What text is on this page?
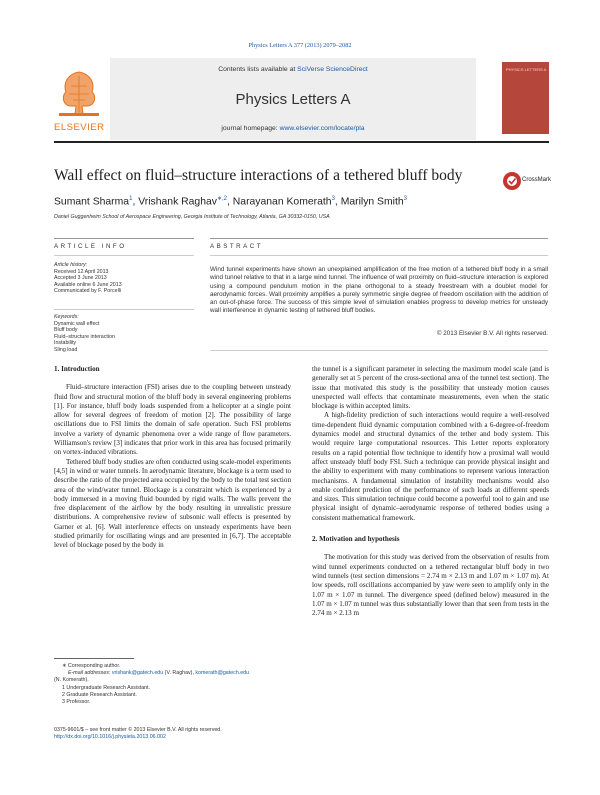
Physics Letters A 377 (2013) 2079–2082
ELSEVIER
Contents lists available at SciVerse ScienceDirect
Physics Letters A
journal homepage: www.elsevier.com/locate/pla
PHYSICS LETTERS A
Wall effect on fluid–structure interactions of a tethered bluff body	CrossMark
Sumant Sharma$^1$, Vrishank Raghav$^{∗,2}$, Narayanan Komerath$^3$, Marilyn Smith$^3$
Daniel Guggenheim School of Aerospace Engineering, Georgia Institute of Technology, Atlanta, GA 30332-0150, USA
ARTICLE INFO
Article history:
Received 12 April 2013
Accepted 3 June 2013
Available online 6 June 2013
Communicated by F. Porcelli
Keywords:
Dynamic wall effect
Bluff body
Fluid–structure interaction
Instability
Sling load
ABSTRACT
Wind tunnel experiments have shown an unexplained amplification of the free motion of a tethered bluff body in a small wind tunnel relative to that in a large wind tunnel. The influence of wall proximity on fluid–structure interaction is explored using a compound pendulum motion in the plane orthogonal to a steady freestream with a doublet model for aerodynamic forces. Wall proximity amplifies a purely symmetric single degree of freedom oscillation with the addition of an out-of-phase force. The success of this simple level of simulation enables progress to develop metrics for unsteady wall interference in dynamic testing of tethered bluff bodies.
© 2013 Elsevier B.V. All rights reserved.
1. Introduction

Fluid–structure interaction (FSI) arises due to the coupling between unsteady fluid flow and structural motion of the bluff body in several engineering problems [1]. For instance, bluff body loads suspended from a helicopter at a single point allow for several degrees of freedom of motion [2]. The possibility of large oscillations due to FSI limits the domain of safe operation. Such FSI problems involve a variety of dynamic phenomena over a wide range of flow parameters. Williamson's review [3] indicates that prior work in this area has focused primarily on vortex-induced vibrations.

Tethered bluff body studies are often conducted using scale-model experiments [4,5] in wind or water tunnels. In aerodynamic literature, blockage is a term used to describe the ratio of the projected area occupied by the body to the total test section area of the wind/water tunnel. Blockage is a constraint which is experienced by a body immersed in a moving fluid bounded by rigid walls. The walls prevent the free displacement of the airflow by the body resulting in unrealistic pressure distributions. A comprehensive review of subsonic wall effects is presented by Garner et al. [6]. Wall interference effects on unsteady experiments have been studied primarily for oscillating wings and are presented in [6,7]. The acceptable level of blockage posed by the body in

the tunnel is a significant parameter in selecting the maximum model scale (and is generally set at 5 percent of the cross-sectional area of the tunnel test section). The issue that motivated this study is the possibility that unsteady motion causes unexpected wall effects that contaminate measurements, even when the static blockage is within accepted limits.

A high-fidelity prediction of such interactions would require a well-resolved time-dependent fluid dynamic computation combined with a 6-degree-of-freedom dynamics model and structural dynamics of the tether and body system. This would require large computational resources. This Letter reports exploratory results on a rapid potential flow technique to identify how a proximal wall would affect unsteady bluff body FSI. Such a technique can provide physical insight and the ability to experiment with many combinations to represent various interaction mechanisms. A fundamental simulation of instability mechanisms would also enable confident prediction of the performance of such loads at different speeds and sizes. This simulation technique could become a powerful tool to gain and use physical insight of dynamic–aerodynamic response of tethered bodies using a consistent mathematical framework.

2. Motivation and hypothesis

The motivation for this study was derived from the observation of results from wind tunnel experiments conducted on a tethered rectangular bluff body in two wind tunnels (test section dimensions = 2.74 m × 2.13 m and 1.07 m × 1.07 m). At low speeds, roll oscillations accompanied by yaw were seen to amplify only in the 1.07 m × 1.07 m tunnel. The divergence speed (defined below) measured in the 1.07 m × 1.07 m tunnel was thus substantially lower than that seen from tests in the 2.74 m × 2.13 m

∗ Corresponding author.
E-mail addresses: vrishank@gatech.edu (V. Raghav), komerath@gatech.edu
(N. Komerath).
1 Undergraduate Research Assistant.
2 Graduate Research Assistant.
3 Professor.
0375-9601/$ – see front matter © 2013 Elsevier B.V. All rights reserved.
http://dx.doi.org/10.1016/j.physleta.2013.06.002
